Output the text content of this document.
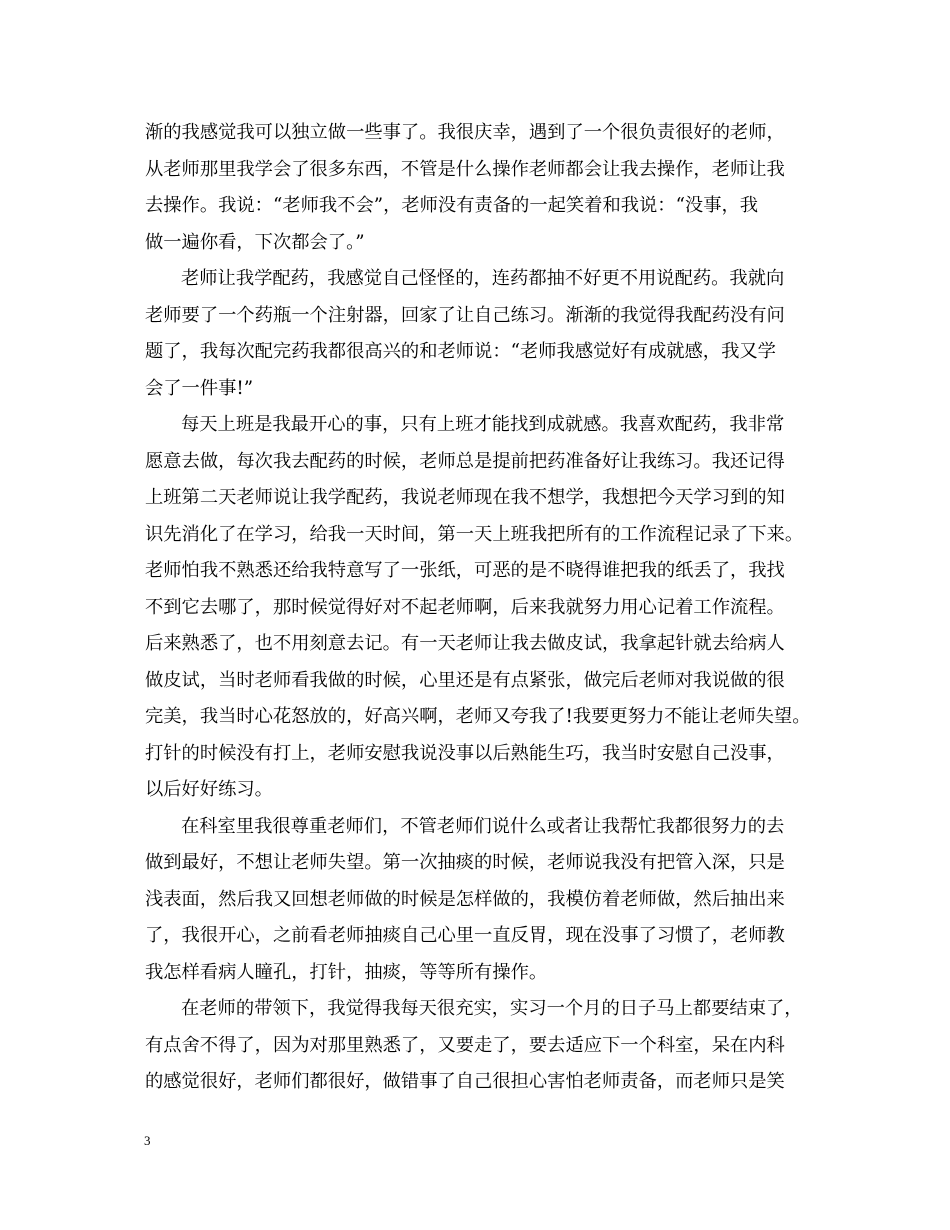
渐的我感觉我可以独立做一些事了。我很庆幸，遇到了一个很负责很好的老师，
从老师那里我学会了很多东西，不管是什么操作老师都会让我去操作，老师让我
去操作。我说：“老师我不会”，老师没有责备的一起笑着和我说：“没事，我
做一遍你看，下次都会了。”
老师让我学配药，我感觉自己怪怪的，连药都抽不好更不用说配药。我就向
老师要了一个药瓶一个注射器，回家了让自己练习。渐渐的我觉得我配药没有问
题了，我每次配完药我都很高兴的和老师说：“老师我感觉好有成就感，我又学
会了一件事!”
每天上班是我最开心的事，只有上班才能找到成就感。我喜欢配药，我非常
愿意去做，每次我去配药的时候，老师总是提前把药准备好让我练习。我还记得
上班第二天老师说让我学配药，我说老师现在我不想学，我想把今天学习到的知
识先消化了在学习，给我一天时间，第一天上班我把所有的工作流程记录了下来。
老师怕我不熟悉还给我特意写了一张纸，可恶的是不晓得谁把我的纸丢了，我找
不到它去哪了，那时候觉得好对不起老师啊，后来我就努力用心记着工作流程。
后来熟悉了，也不用刻意去记。有一天老师让我去做皮试，我拿起针就去给病人
做皮试，当时老师看我做的时候，心里还是有点紧张，做完后老师对我说做的很
完美，我当时心花怒放的，好高兴啊，老师又夸我了!我要更努力不能让老师失望。
打针的时候没有打上，老师安慰我说没事以后熟能生巧，我当时安慰自己没事，
以后好好练习。
在科室里我很尊重老师们，不管老师们说什么或者让我帮忙我都很努力的去
做到最好，不想让老师失望。第一次抽痰的时候，老师说我没有把管入深，只是
浅表面，然后我又回想老师做的时候是怎样做的，我模仿着老师做，然后抽出来
了，我很开心，之前看老师抽痰自己心里一直反胃，现在没事了习惯了，老师教
我怎样看病人瞳孔，打针，抽痰，等等所有操作。
在老师的带领下，我觉得我每天很充实，实习一个月的日子马上都要结束了，
有点舍不得了，因为对那里熟悉了，又要走了，要去适应下一个科室，呆在内科
的感觉很好，老师们都很好，做错事了自己很担心害怕老师责备，而老师只是笑
3
